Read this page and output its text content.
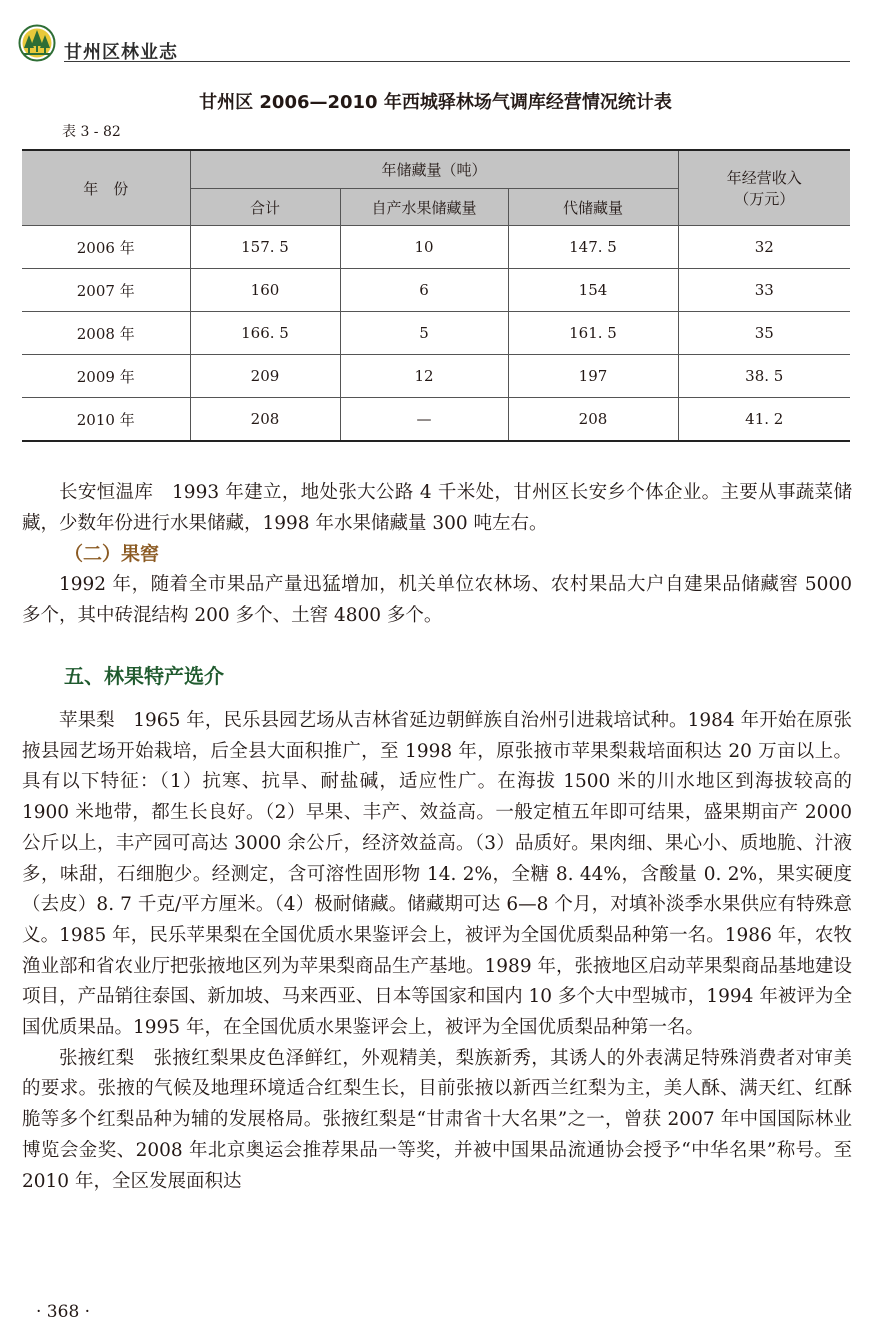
甘州区林业志
甘州区 2006—2010 年西城驿林场气调库经营情况统计表
表 3 - 82
年　份	年储藏量（吨）			年经营收入
（万元）

	合计	自产水果储藏量	代储藏量	
2006 年	157. 5	10	147. 5	32
2007 年	160	6	154	33
2008 年	166. 5	5	161. 5	35
2009 年	209	12	197	38. 5
2010 年	208	—	208	41. 2

长安恒温库　1993 年建立，地处张大公路 4 千米处，甘州区长安乡个体企业。主要从事蔬菜储藏，少数年份进行水果储藏，1998 年水果储藏量 300 吨左右。

（二）果窖

1992 年，随着全市果品产量迅猛增加，机关单位农林场、农村果品大户自建果品储藏窖 5000 多个，其中砖混结构 200 多个、土窖 4800 多个。

五、林果特产选介

苹果梨　1965 年，民乐县园艺场从吉林省延边朝鲜族自治州引进栽培试种。1984 年开始在原张掖县园艺场开始栽培，后全县大面积推广，至 1998 年，原张掖市苹果梨栽培面积达 20 万亩以上。具有以下特征：（1）抗寒、抗旱、耐盐碱，适应性广。在海拔 1500 米的川水地区到海拔较高的 1900 米地带，都生长良好。（2）早果、丰产、效益高。一般定植五年即可结果，盛果期亩产 2000 公斤以上，丰产园可高达 3000 余公斤，经济效益高。（3）品质好。果肉细、果心小、质地脆、汁液多，味甜，石细胞少。经测定，含可溶性固形物 14. 2%，全糖 8. 44%，含酸量 0. 2%，果实硬度（去皮）8. 7 千克/平方厘米。（4）极耐储藏。储藏期可达 6—8 个月，对填补淡季水果供应有特殊意义。1985 年，民乐苹果梨在全国优质水果鉴评会上，被评为全国优质梨品种第一名。1986 年，农牧渔业部和省农业厅把张掖地区列为苹果梨商品生产基地。1989 年，张掖地区启动苹果梨商品基地建设项目，产品销往泰国、新加坡、马来西亚、日本等国家和国内 10 多个大中型城市，1994 年被评为全国优质果品。1995 年，在全国优质水果鉴评会上，被评为全国优质梨品种第一名。

张掖红梨　张掖红梨果皮色泽鲜红，外观精美，梨族新秀，其诱人的外表满足特殊消费者对审美的要求。张掖的气候及地理环境适合红梨生长，目前张掖以新西兰红梨为主，美人酥、满天红、红酥脆等多个红梨品种为辅的发展格局。张掖红梨是“甘肃省十大名果”之一，曾获 2007 年中国国际林业博览会金奖、2008 年北京奥运会推荐果品一等奖，并被中国果品流通协会授予“中华名果”称号。至 2010 年，全区发展面积达

· 368 ·
